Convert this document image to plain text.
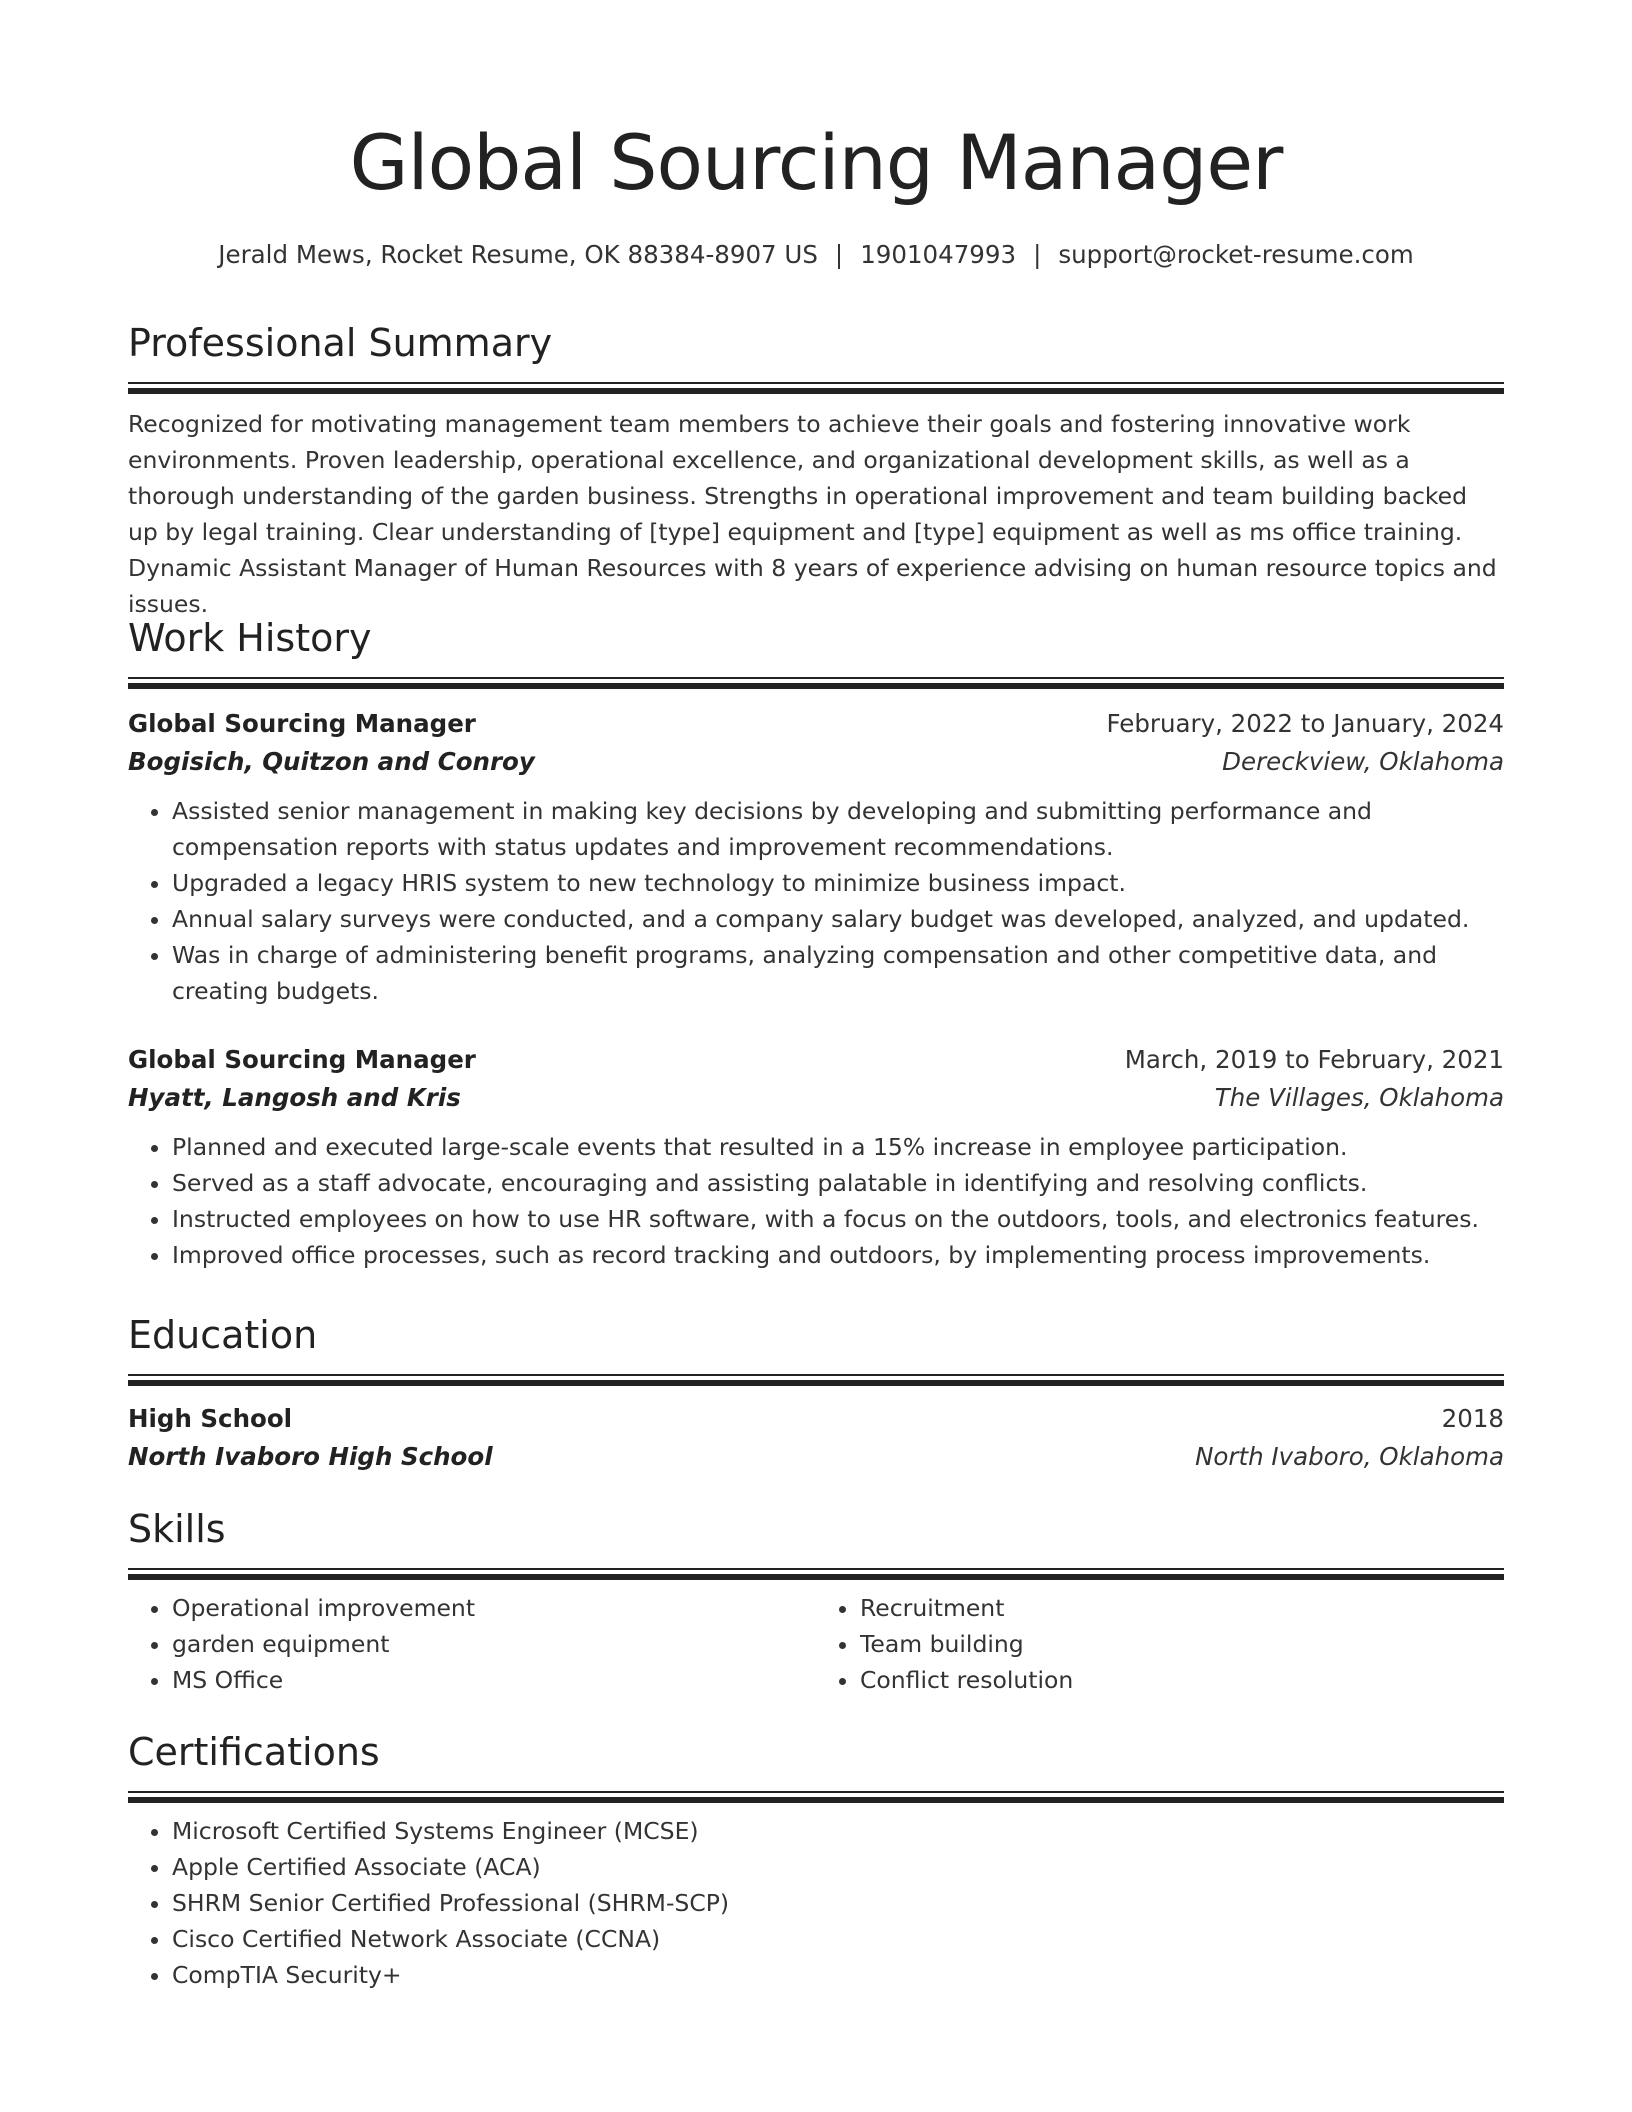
Global Sourcing Manager
Jerald Mews, Rocket Resume, OK 88384-8907 US | 1901047993 | support@rocket-resume.com
Professional Summary

Recognized for motivating management team members to achieve their goals and fostering innovative work environments. Proven leadership, operational excellence, and organizational development skills, as well as a thorough understanding of the garden business. Strengths in operational improvement and team building backed up by legal training. Clear understanding of [type] equipment and [type] equipment as well as ms office training. Dynamic Assistant Manager of Human Resources with 8 years of experience advising on human resource topics and issues.

Work History
Global Sourcing Manager	February, 2022 to January, 2024
Bogisich, Quitzon and Conroy	Dereckview, Oklahoma
• Assisted senior management in making key decisions by developing and submitting performance and compensation reports with status updates and improvement recommendations.
• Upgraded a legacy HRIS system to new technology to minimize business impact.
• Annual salary surveys were conducted, and a company salary budget was developed, analyzed, and updated.
• Was in charge of administering benefit programs, analyzing compensation and other competitive data, and creating budgets.
Global Sourcing Manager	March, 2019 to February, 2021
Hyatt, Langosh and Kris	The Villages, Oklahoma
• Planned and executed large-scale events that resulted in a 15% increase in employee participation.
• Served as a staff advocate, encouraging and assisting palatable in identifying and resolving conflicts.
• Instructed employees on how to use HR software, with a focus on the outdoors, tools, and electronics features.
• Improved office processes, such as record tracking and outdoors, by implementing process improvements.
Education
High School	2018
North Ivaboro High School	North Ivaboro, Oklahoma
Skills
• Operational improvement
• garden equipment
• MS Office
• Recruitment
• Team building
• Conflict resolution
Certifications
• Microsoft Certified Systems Engineer (MCSE)
• Apple Certified Associate (ACA)
• SHRM Senior Certified Professional (SHRM-SCP)
• Cisco Certified Network Associate (CCNA)
• CompTIA Security+
